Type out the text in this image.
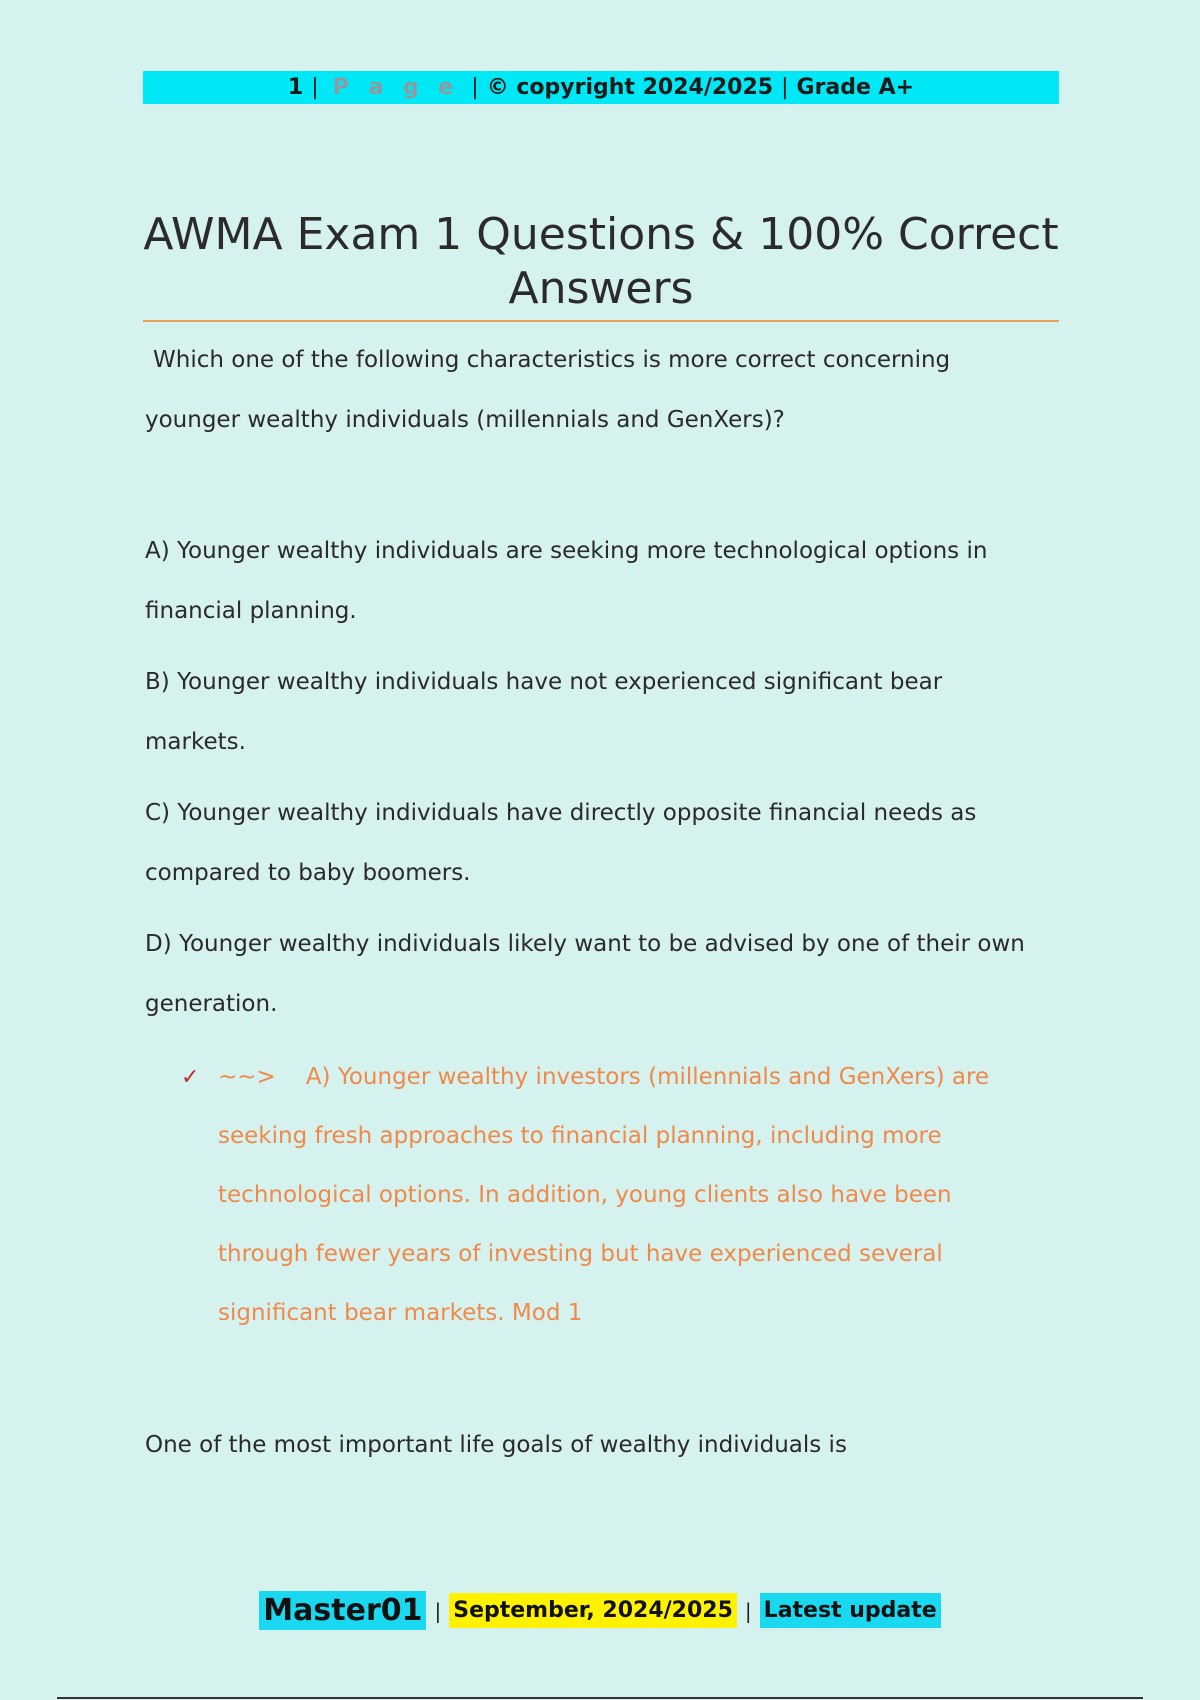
1 | P a g e | © copyright 2024/2025 | Grade A+
AWMA Exam 1 Questions & 100% Correct
Answers
Which one of the following characteristics is more correct concerning
younger wealthy individuals (millennials and GenXers)?
A) Younger wealthy individuals are seeking more technological options in
financial planning.
B) Younger wealthy individuals have not experienced significant bear
markets.
C) Younger wealthy individuals have directly opposite financial needs as
compared to baby boomers.
D) Younger wealthy individuals likely want to be advised by one of their own
generation.
✓ ~~> A) Younger wealthy investors (millennials and GenXers) are
seeking fresh approaches to financial planning, including more
technological options. In addition, young clients also have been
through fewer years of investing but have experienced several
significant bear markets. Mod 1
One of the most important life goals of wealthy individuals is
Master01 | September, 2024/2025 | Latest update
